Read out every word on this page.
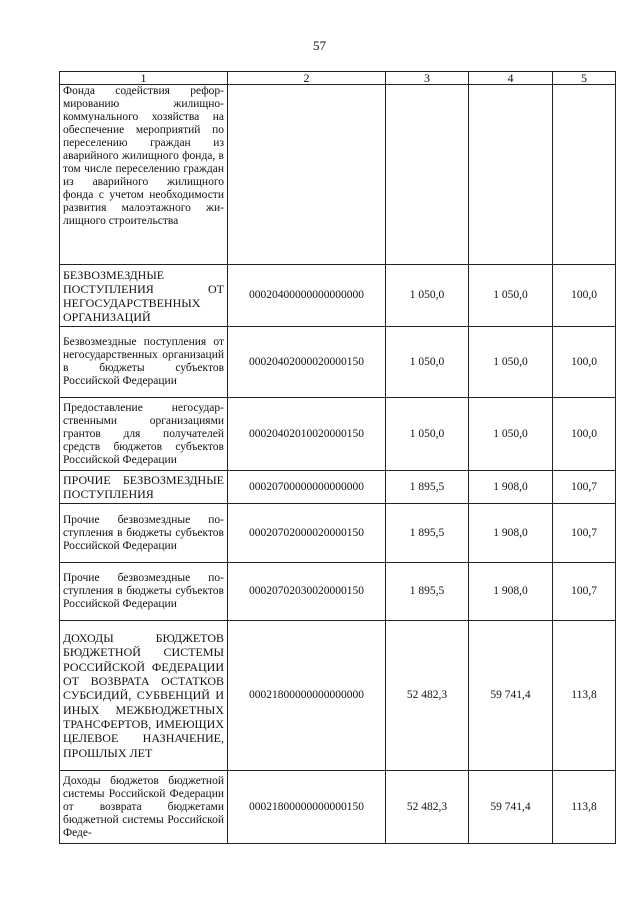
57
1	2	3	4	5
Фонда содействия реформированию жилищно-коммунального хозяйства на обеспечение мероприятий по переселению граждан из аварийного жилищного фонда, в том числе переселению граждан из аварийного жилищного фонда с учетом необходимости развития малоэтажного жилищного строительства				
БЕЗВОЗМЕЗДНЫЕ ПОСТУПЛЕНИЯ ОТ НЕГОСУДАРСТВЕННЫХ ОРГАНИЗАЦИЙ	00020400000000000000	1 050,0	1 050,0	100,0
Безвозмездные поступления от негосударственных организаций в бюджеты субъектов Российской Федерации	00020402000020000150	1 050,0	1 050,0	100,0
Предоставление негосударственными организациями грантов для получателей средств бюджетов субъектов Российской Федерации	00020402010020000150	1 050,0	1 050,0	100,0
ПРОЧИЕ БЕЗВОЗМЕЗДНЫЕ ПОСТУПЛЕНИЯ	00020700000000000000	1 895,5	1 908,0	100,7
Прочие безвозмездные поступления в бюджеты субъектов Российской Федерации	00020702000020000150	1 895,5	1 908,0	100,7
Прочие безвозмездные поступления в бюджеты субъектов Российской Федерации	00020702030020000150	1 895,5	1 908,0	100,7
ДОХОДЫ БЮДЖЕТОВ БЮДЖЕТНОЙ СИСТЕМЫ РОССИЙСКОЙ ФЕДЕРАЦИИ ОТ ВОЗВРАТА ОСТАТКОВ СУБСИДИЙ, СУБВЕНЦИЙ И ИНЫХ МЕЖБЮДЖЕТНЫХ ТРАНСФЕРТОВ, ИМЕЮЩИХ ЦЕЛЕВОЕ НАЗНАЧЕНИЕ, ПРОШЛЫХ ЛЕТ	00021800000000000000	52 482,3	59 741,4	113,8
Доходы бюджетов бюджетной системы Российской Федерации от возврата бюджетами бюджетной системы Российской Феде-	00021800000000000150	52 482,3	59 741,4	113,8
